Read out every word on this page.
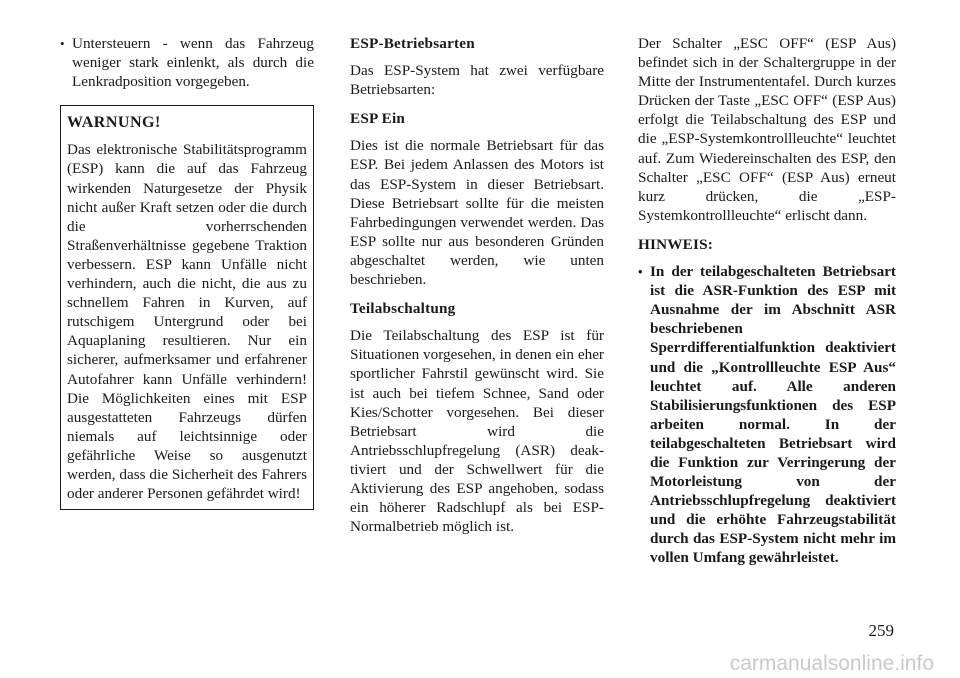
• Untersteuern - wenn das Fahrzeug weniger stark einlenkt, als durch die Lenkradposition vorgegeben.
WARNUNG!
Das elektronische Stabilitätsprogramm (ESP) kann die auf das Fahrzeug wirkenden Naturgesetze der Physik nicht außer Kraft setzen oder die durch die vorherrschenden Straßenverhältnisse gegebene Traktion verbessern. ESP kann Unfälle nicht verhindern, auch die nicht, die aus zu schnellem Fahren in Kurven, auf rutschigem Untergrund oder bei Aquaplaning resultieren. Nur ein sicherer, aufmerksamer und erfahrener Autofahrer kann Unfälle verhindern! Die Möglichkeiten eines mit ESP ausgestatteten Fahrzeugs dürfen niemals auf leichtsinnige oder gefährliche Weise so ausgenutzt werden, dass die Sicherheit des Fahrers oder anderer Personen gefährdet wird!
ESP-Betriebsarten

Das ESP-System hat zwei verfügbare Betriebsarten:

ESP Ein

Dies ist die normale Betriebsart für das ESP. Bei jedem Anlassen des Motors ist das ESP-System in dieser Betriebsart. Diese Betriebsart sollte für die meisten Fahrbedingungen verwendet werden. Das ESP sollte nur aus besonderen Gründen abgeschaltet werden, wie unten beschrieben.

Teilabschaltung

Die Teilabschaltung des ESP ist für Situationen vorgesehen, in denen ein eher sportlicher Fahrstil gewünscht wird. Sie ist auch bei tiefem Schnee, Sand oder Kies/Schotter vorgesehen. Bei dieser Betriebsart wird die Antriebsschlupfregelung (ASR) deaktiviert und der Schwellwert für die Aktivierung des ESP angehoben, sodass ein höherer Radschlupf als bei ESP-Normalbetrieb möglich ist.

Der Schalter „ESC OFF“ (ESP Aus) befindet sich in der Schaltergruppe in der Mitte der Instrumententafel. Durch kurzes Drücken der Taste „ESC OFF“ (ESP Aus) erfolgt die Teilabschaltung des ESP und die „ESP-Systemkontrollleuchte“ leuchtet auf. Zum Wiedereinschalten des ESP, den Schalter „ESC OFF“ (ESP Aus) erneut kurz drücken, die „ESP-Systemkontrollleuchte“ erlischt dann.

HINWEIS:
• In der teilabgeschalteten Betriebsart ist die ASR-Funktion des ESP mit Ausnahme der im Abschnitt ASR beschriebenen Sperrdifferentialfunktion deaktiviert und die „Kontrollleuchte ESP Aus“ leuchtet auf. Alle anderen Stabilisierungsfunktionen des ESP arbeiten normal. In der teilabgeschalteten Betriebsart wird die Funktion zur Verringerung der Motorleistung von der Antriebsschlupfregelung deaktiviert und die erhöhte Fahrzeugstabilität durch das ESP-System nicht mehr im vollen Umfang gewährleistet.
259
carmanualsonline.info
